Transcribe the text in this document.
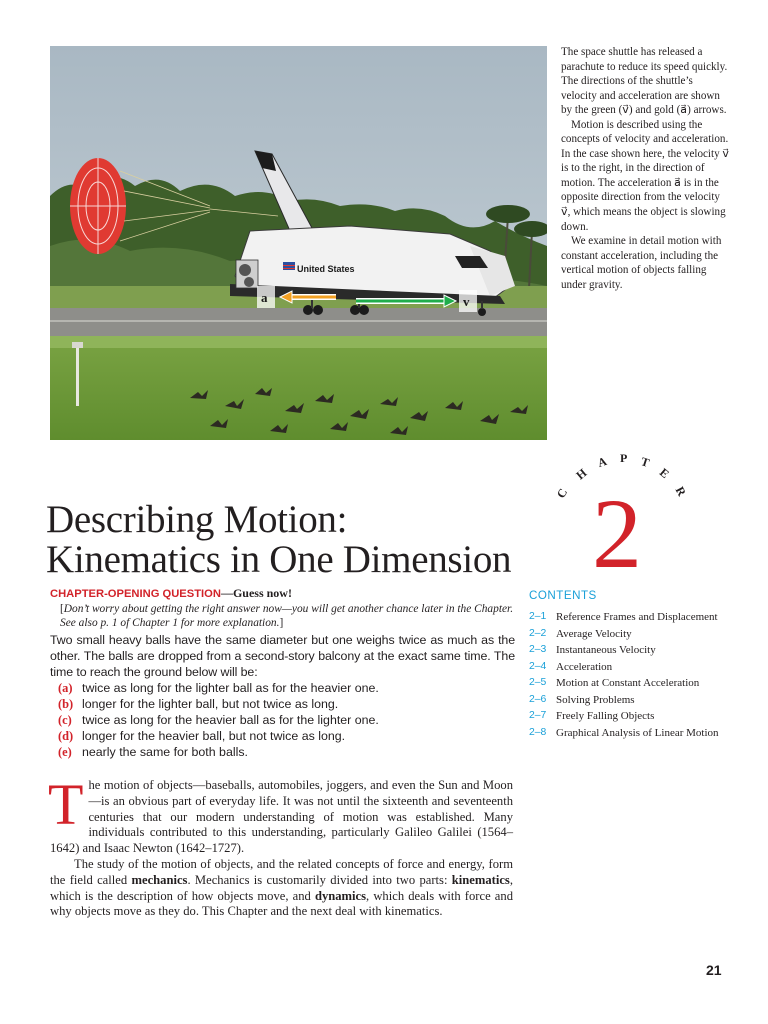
United States
a⃗	v⃗

The space shuttle has released a parachute to reduce its speed quickly. The directions of the shuttle’s velocity and acceleration are shown by the green (v⃗) and gold (a⃗) arrows.

Motion is described using the concepts of velocity and acceleration. In the case shown here, the velocity v⃗ is to the right, in the direction of motion. The acceleration a⃗ is in the opposite direction from the velocity v⃗, which means the object is slowing down.

We examine in detail motion with constant acceleration, including the vertical motion of objects falling under gravity.

C
H
A P T
E
R
2
Describing Motion:
Kinematics in One Dimension
CHAPTER-OPENING QUESTION—Guess now!
[Don’t worry about getting the right answer now—you will get another chance later in the Chapter. See also p. 1 of Chapter 1 for more explanation.]
Two small heavy balls have the same diameter but one weighs twice as much as the other. The balls are dropped from a second-story balcony at the exact same time. The time to reach the ground below will be:
(a) twice as long for the lighter ball as for the heavier one.
(b) longer for the lighter ball, but not twice as long.
(c) twice as long for the heavier ball as for the lighter one.
(d) longer for the heavier ball, but not twice as long.
(e) nearly the same for both balls.
CONTENTS
2–1 Reference Frames and Displacement
2–2 Average Velocity
2–3 Instantaneous Velocity
2–4 Acceleration
2–5 Motion at Constant Acceleration
2–6 Solving Problems
2–7 Freely Falling Objects
2–8 Graphical Analysis of Linear Motion

The motion of objects—baseballs, automobiles, joggers, and even the Sun and Moon—is an obvious part of everyday life. It was not until the sixteenth and seventeenth centuries that our modern understanding of motion was established. Many individuals contributed to this understanding, particularly Galileo Galilei (1564–1642) and Isaac Newton (1642–1727).

The study of the motion of objects, and the related concepts of force and energy, form the field called mechanics. Mechanics is customarily divided into two parts: kinematics, which is the description of how objects move, and dynamics, which deals with force and why objects move as they do. This Chapter and the next deal with kinematics.

21
